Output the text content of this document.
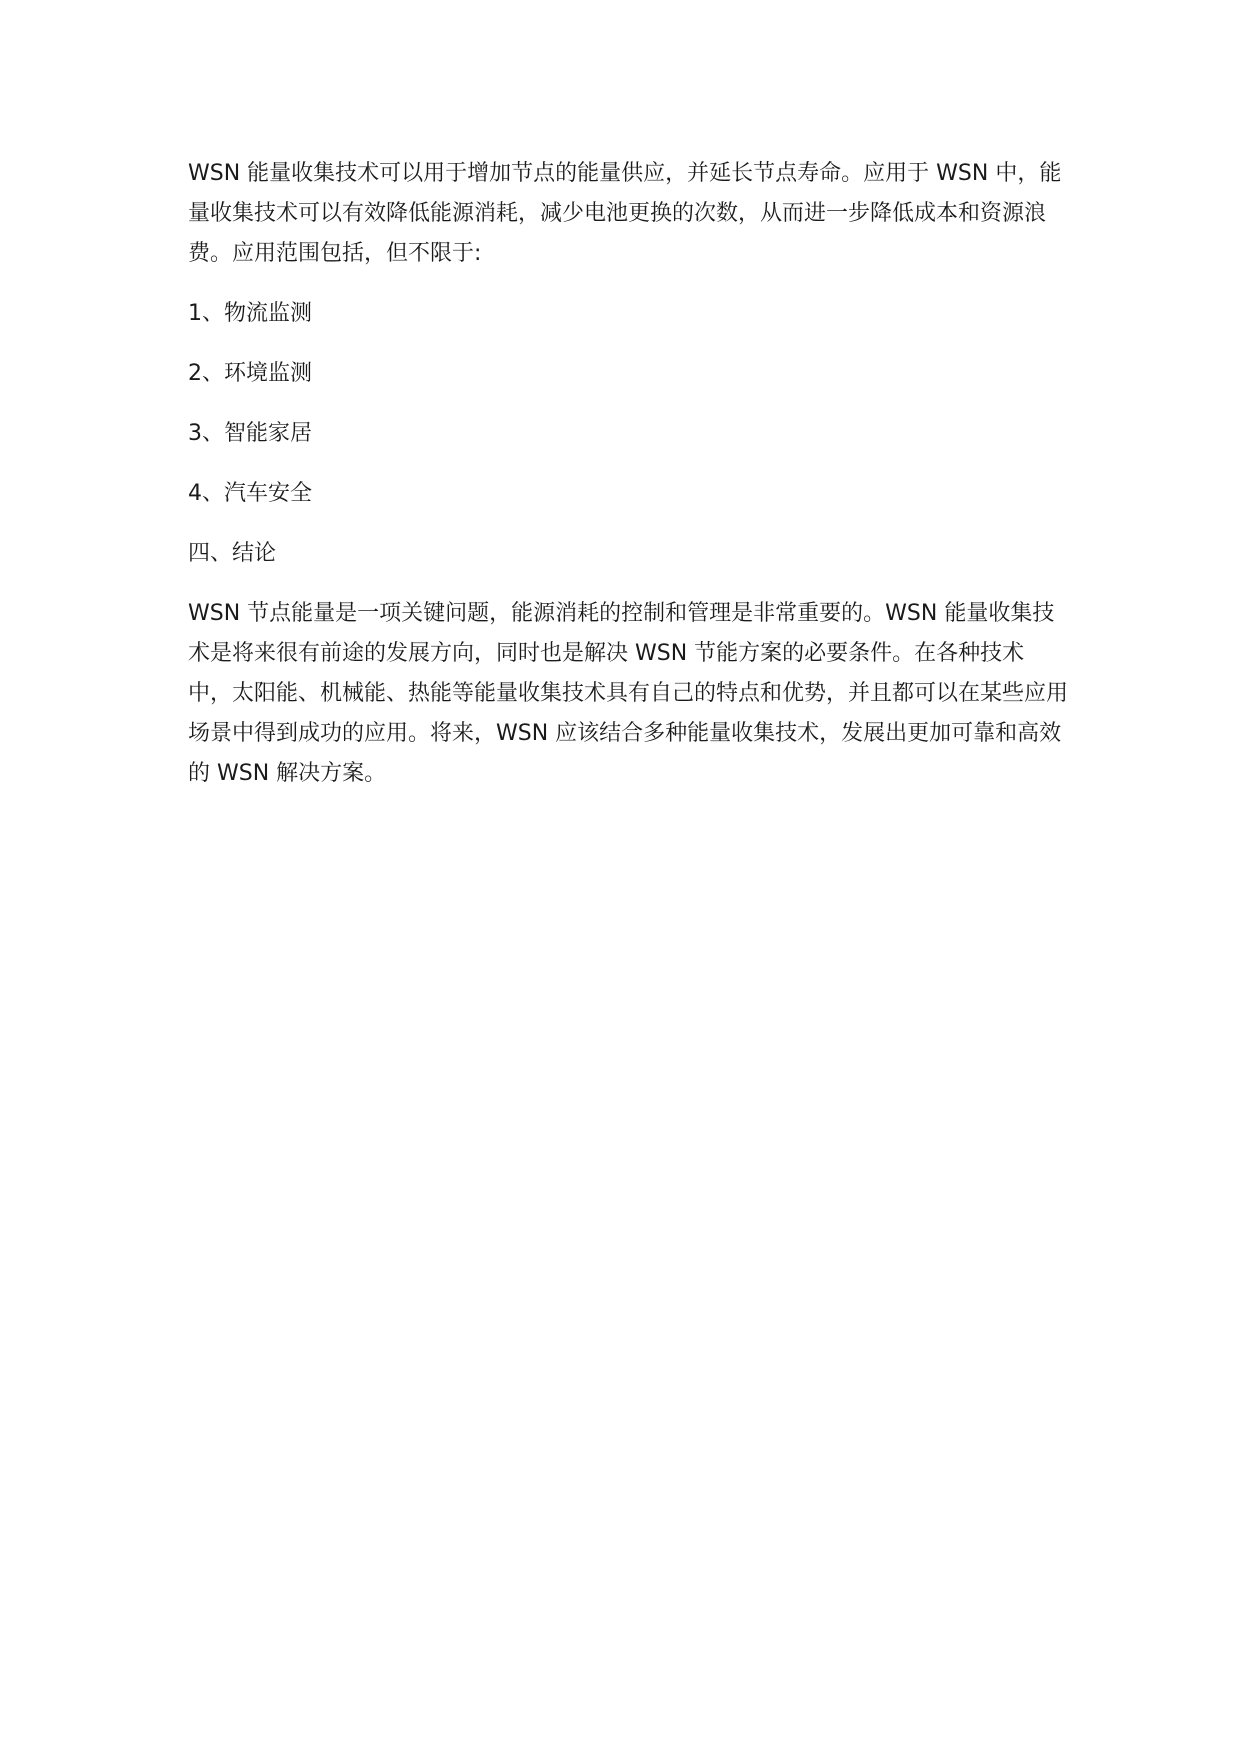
WSN 能量收集技术可以用于增加节点的能量供应，并延长节点寿命。应用于 WSN 中，能量收集技术可以有效降低能源消耗，减少电池更换的次数，从而进一步降低成本和资源浪费。应用范围包括，但不限于:

1、物流监测

2、环境监测

3、智能家居

4、汽车安全

四、结论

WSN 节点能量是一项关键问题，能源消耗的控制和管理是非常重要的。WSN 能量收集技术是将来很有前途的发展方向，同时也是解决 WSN 节能方案的必要条件。在各种技术中，太阳能、机械能、热能等能量收集技术具有自己的特点和优势，并且都可以在某些应用场景中得到成功的应用。将来，WSN 应该结合多种能量收集技术，发展出更加可靠和高效的 WSN 解决方案。
